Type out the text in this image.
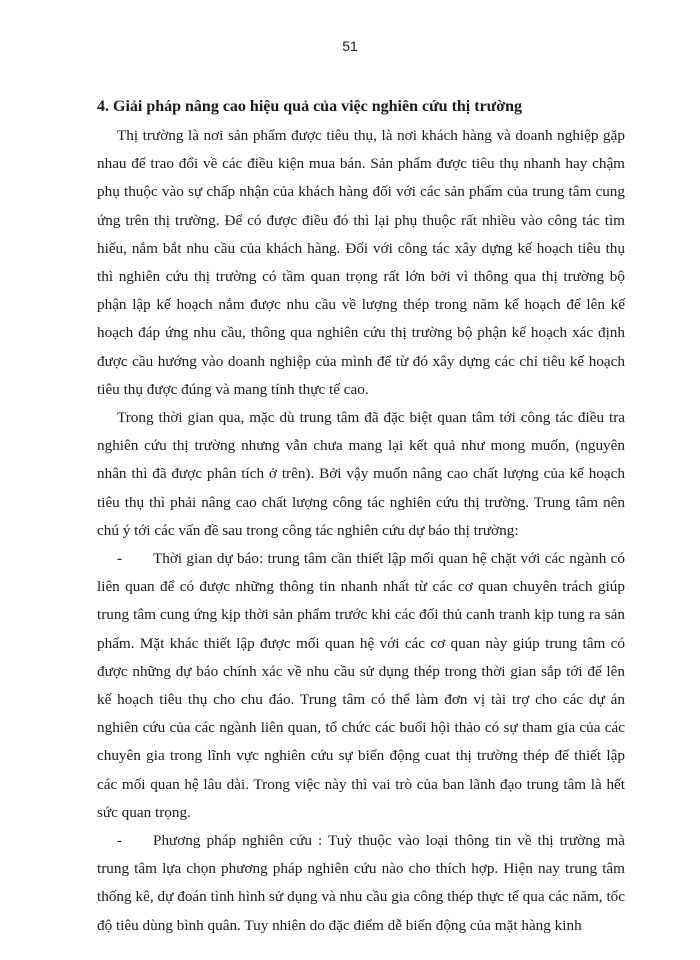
51
4. Giải pháp nâng cao hiệu quả của việc nghiên cứu thị trường

Thị trường là nơi sản phẩm được tiêu thụ, là nơi khách hàng và doanh nghiệp gặp nhau để trao đổi về các điều kiện mua bán. Sản phẩm được tiêu thụ nhanh hay chậm phụ thuộc vào sự chấp nhận của khách hàng đối với các sản phẩm của trung tâm cung ứng trên thị trường. Để có được điều đó thì lại phụ thuộc rất nhiều vào công tác tìm hiểu, nắm bắt nhu cầu của khách hàng. Đối với công tác xây dựng kế hoạch tiêu thụ thì nghiên cứu thị trường có tầm quan trọng rất lớn bởi vì thông qua thị trường bộ phận lập kế hoạch nắm được nhu cầu về lượng thép trong năm kế hoạch để lên kế hoạch đáp ứng nhu cầu, thông qua nghiên cứu thị trường bộ phận kế hoạch xác định được cầu hướng vào doanh nghiệp của mình để từ đó xây dựng các chỉ tiêu kế hoạch tiêu thụ được đúng và mang tính thực tế cao.

Trong thời gian qua, mặc dù trung tâm đã đặc biệt quan tâm tới công tác điều tra nghiên cứu thị trường nhưng vẫn chưa mang lại kết quả như mong muốn, (nguyên nhân thì đã được phân tích ở trên). Bởi vậy muốn nâng cao chất lượng của kế hoạch tiêu thụ thì phải nâng cao chất lượng công tác nghiên cứu thị trường. Trung tâm nên chú ý tới các vấn đề sau trong công tác nghiên cứu dự báo thị trường:

- Thời gian dự báo: trung tâm cần thiết lập mối quan hệ chặt với các ngành có liên quan để có được những thông tin nhanh nhất từ các cơ quan chuyên trách giúp trung tâm cung ứng kịp thời sản phẩm trước khi các đối thủ canh tranh kịp tung ra sản phẩm. Mặt khác thiết lập được mối quan hệ với các cơ quan này giúp trung tâm có được những dự báo chính xác về nhu cầu sử dụng thép trong thời gian sắp tới để lên kế hoạch tiêu thụ cho chu đáo. Trung tâm có thể làm đơn vị tài trợ cho các dự án nghiên cứu của các ngành liên quan, tổ chức các buổi hội thảo có sự tham gia của các chuyên gia trong lĩnh vực nghiên cứu sự biến động cuat thị trường thép để thiết lập các mối quan hệ lâu dài. Trong việc này thì vai trò của ban lãnh đạo trung tâm là hết sức quan trọng.

- Phương pháp nghiên cứu : Tuỳ thuộc vào loại thông tin về thị trường mà trung tâm lựa chọn phương pháp nghiên cứu nào cho thích hợp. Hiện nay trung tâm thống kê, dự đoán tình hình sử dụng và nhu cầu gia công thép thực tế qua các năm, tốc độ tiêu dùng bình quân. Tuy nhiên do đặc điểm dễ biến động của mặt hàng kinh
